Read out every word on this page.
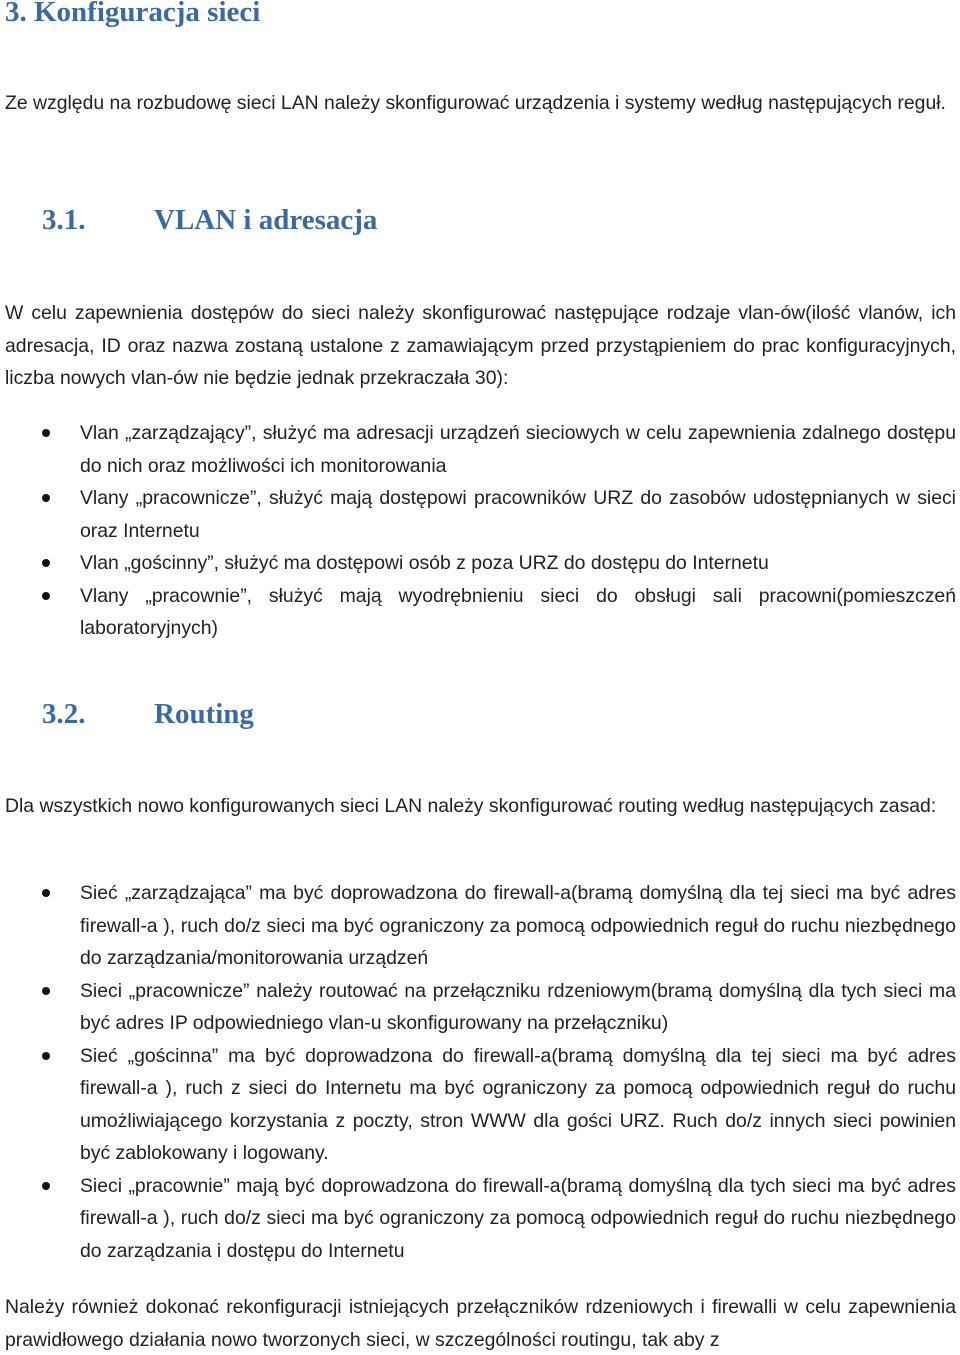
3. Konfiguracja sieci

Ze względu na rozbudowę sieci LAN należy skonfigurować urządzenia i systemy według następujących reguł.

3.1. VLAN i adresacja

W celu zapewnienia dostępów do sieci należy skonfigurować następujące rodzaje vlan-ów(ilość vlanów, ich adresacja, ID oraz nazwa zostaną ustalone z zamawiającym przed przystąpieniem do prac konfiguracyjnych, liczba nowych vlan-ów nie będzie jednak przekraczała 30):

Vlan „zarządzający”, służyć ma adresacji urządzeń sieciowych w celu zapewnienia zdalnego dostępu do nich oraz możliwości ich monitorowania
Vlany „pracownicze”, służyć mają dostępowi pracowników URZ do zasobów udostępnianych w sieci oraz Internetu
Vlan „gościnny”, służyć ma dostępowi osób z poza URZ do dostępu do Internetu
Vlany „pracownie”, służyć mają wyodrębnieniu sieci do obsługi sali pracowni(pomieszczeń laboratoryjnych)
3.2. Routing

Dla wszystkich nowo konfigurowanych sieci LAN należy skonfigurować routing według następujących zasad:

Sieć „zarządzająca” ma być doprowadzona do firewall-a(bramą domyślną dla tej sieci ma być adres firewall-a ), ruch do/z sieci ma być ograniczony za pomocą odpowiednich reguł do ruchu niezbędnego do zarządzania/monitorowania urządzeń
Sieci „pracownicze” należy routować na przełączniku rdzeniowym(bramą domyślną dla tych sieci ma być adres IP odpowiedniego vlan-u skonfigurowany na przełączniku)
Sieć „gościnna” ma być doprowadzona do firewall-a(bramą domyślną dla tej sieci ma być adres firewall-a ), ruch z sieci do Internetu ma być ograniczony za pomocą odpowiednich reguł do ruchu umożliwiającego korzystania z poczty, stron WWW dla gości URZ. Ruch do/z innych sieci powinien być zablokowany i logowany.
Sieci „pracownie” mają być doprowadzona do firewall-a(bramą domyślną dla tych sieci ma być adres firewall-a ), ruch do/z sieci ma być ograniczony za pomocą odpowiednich reguł do ruchu niezbędnego do zarządzania i dostępu do Internetu

Należy również dokonać rekonfiguracji istniejących przełączników rdzeniowych i firewalli w celu zapewnienia prawidłowego działania nowo tworzonych sieci, w szczególności routingu, tak aby z
